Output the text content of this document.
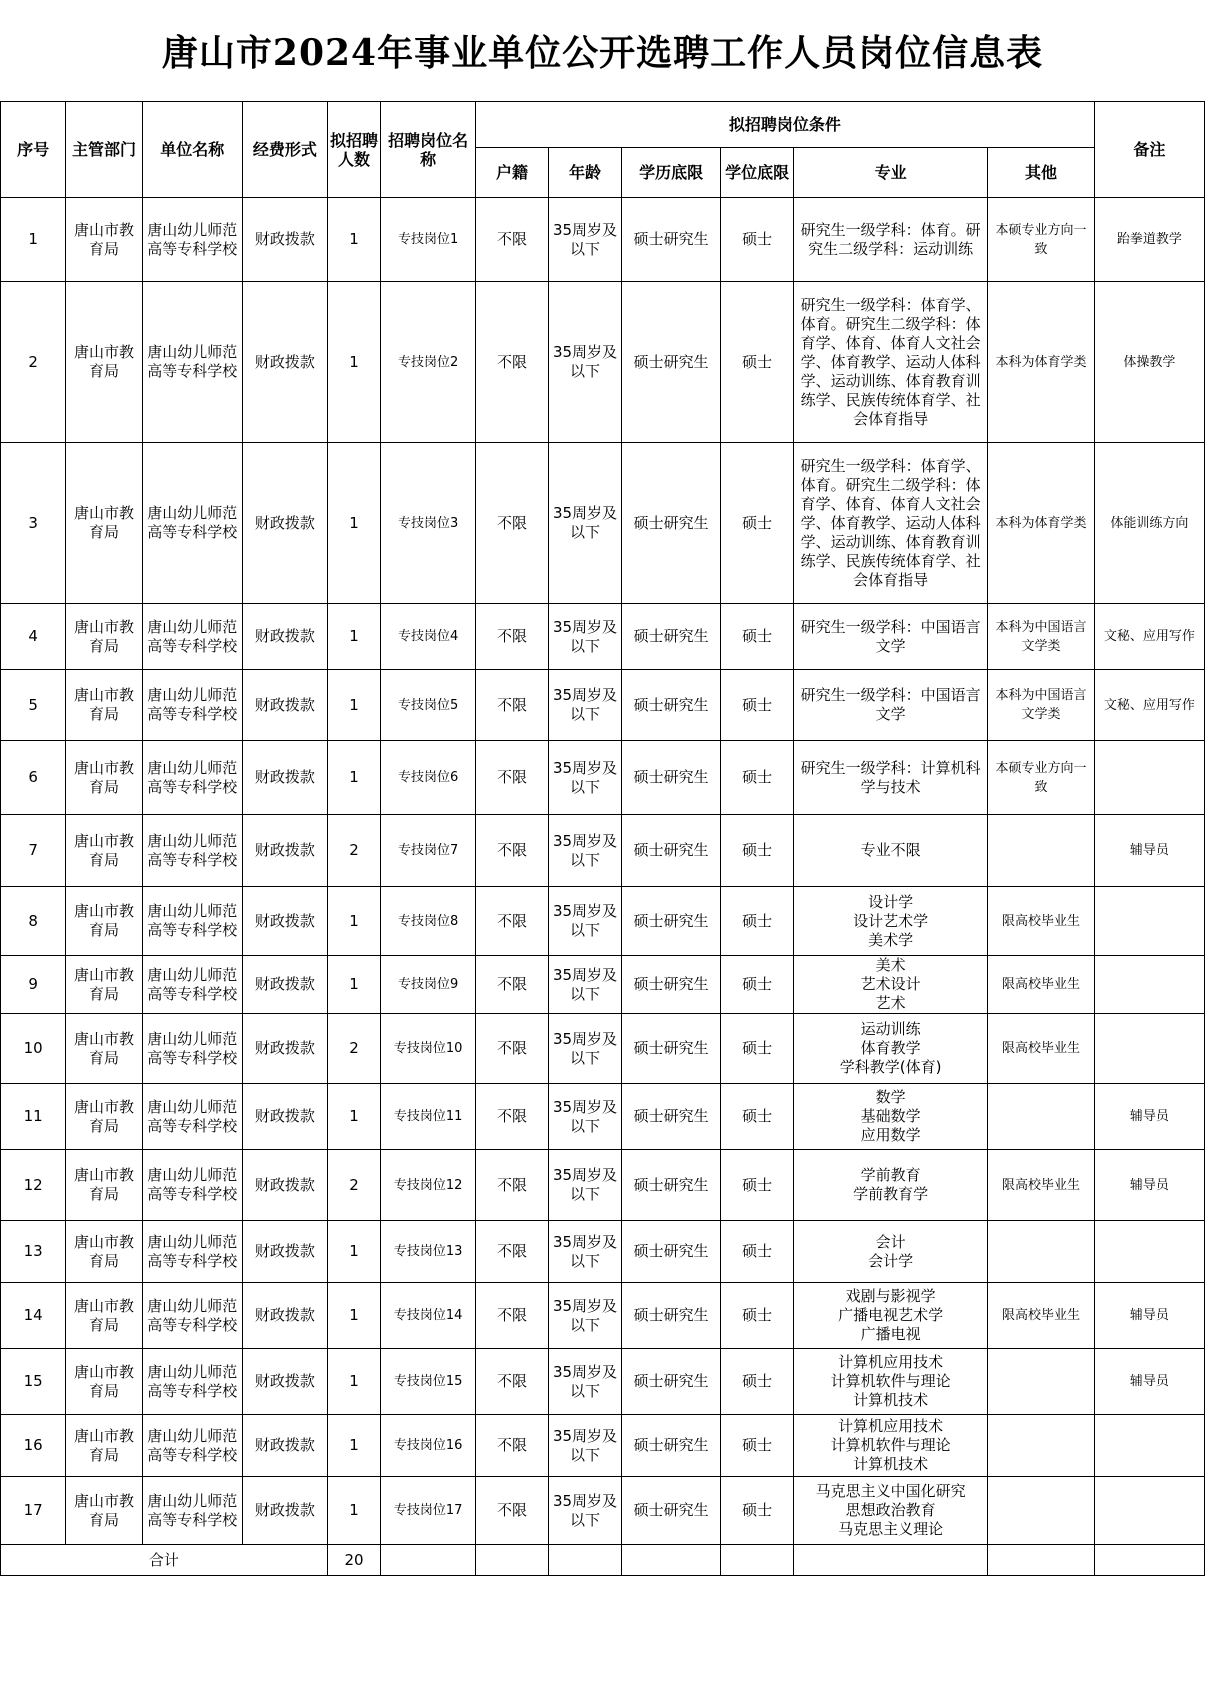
唐山市2024年事业单位公开选聘工作人员岗位信息表
序号	主管部门	单位名称	经费形式	拟招聘人数	招聘岗位名称	拟招聘岗位条件						备注
						户籍	年龄	学历底限	学位底限	专业	其他	
1	唐山市教育局	唐山幼儿师范高等专科学校	财政拨款	1	专技岗位1	不限	35周岁及以下	硕士研究生	硕士	研究生一级学科：体育。研究生二级学科：运动训练	本硕专业方向一致	跆拳道教学
2	唐山市教育局	唐山幼儿师范高等专科学校	财政拨款	1	专技岗位2	不限	35周岁及以下	硕士研究生	硕士	研究生一级学科：体育学、体育。研究生二级学科：体育学、体育、体育人文社会学、体育教学、运动人体科学、运动训练、体育教育训练学、民族传统体育学、社会体育指导	本科为体育学类	体操教学
3	唐山市教育局	唐山幼儿师范高等专科学校	财政拨款	1	专技岗位3	不限	35周岁及以下	硕士研究生	硕士	研究生一级学科：体育学、体育。研究生二级学科：体育学、体育、体育人文社会学、体育教学、运动人体科学、运动训练、体育教育训练学、民族传统体育学、社会体育指导	本科为体育学类	体能训练方向
4	唐山市教育局	唐山幼儿师范高等专科学校	财政拨款	1	专技岗位4	不限	35周岁及以下	硕士研究生	硕士	研究生一级学科：中国语言文学	本科为中国语言文学类	文秘、应用写作
5	唐山市教育局	唐山幼儿师范高等专科学校	财政拨款	1	专技岗位5	不限	35周岁及以下	硕士研究生	硕士	研究生一级学科：中国语言文学	本科为中国语言文学类	文秘、应用写作
6	唐山市教育局	唐山幼儿师范高等专科学校	财政拨款	1	专技岗位6	不限	35周岁及以下	硕士研究生	硕士	研究生一级学科：计算机科学与技术	本硕专业方向一致	
7	唐山市教育局	唐山幼儿师范高等专科学校	财政拨款	2	专技岗位7	不限	35周岁及以下	硕士研究生	硕士	专业不限		辅导员
8	唐山市教育局	唐山幼儿师范高等专科学校	财政拨款	1	专技岗位8	不限	35周岁及以下	硕士研究生	硕士	设计学
设计艺术学
美术学	限高校毕业生	
9	唐山市教育局	唐山幼儿师范高等专科学校	财政拨款	1	专技岗位9	不限	35周岁及以下	硕士研究生	硕士	美术
艺术设计
艺术	限高校毕业生	
10	唐山市教育局	唐山幼儿师范高等专科学校	财政拨款	2	专技岗位10	不限	35周岁及以下	硕士研究生	硕士	运动训练
体育教学
学科教学(体育)	限高校毕业生	
11	唐山市教育局	唐山幼儿师范高等专科学校	财政拨款	1	专技岗位11	不限	35周岁及以下	硕士研究生	硕士	数学
基础数学
应用数学		辅导员
12	唐山市教育局	唐山幼儿师范高等专科学校	财政拨款	2	专技岗位12	不限	35周岁及以下	硕士研究生	硕士	学前教育
学前教育学	限高校毕业生	辅导员
13	唐山市教育局	唐山幼儿师范高等专科学校	财政拨款	1	专技岗位13	不限	35周岁及以下	硕士研究生	硕士	会计
会计学		
14	唐山市教育局	唐山幼儿师范高等专科学校	财政拨款	1	专技岗位14	不限	35周岁及以下	硕士研究生	硕士	戏剧与影视学
广播电视艺术学
广播电视	限高校毕业生	辅导员
15	唐山市教育局	唐山幼儿师范高等专科学校	财政拨款	1	专技岗位15	不限	35周岁及以下	硕士研究生	硕士	计算机应用技术
计算机软件与理论
计算机技术		辅导员
16	唐山市教育局	唐山幼儿师范高等专科学校	财政拨款	1	专技岗位16	不限	35周岁及以下	硕士研究生	硕士	计算机应用技术
计算机软件与理论
计算机技术		
17	唐山市教育局	唐山幼儿师范高等专科学校	财政拨款	1	专技岗位17	不限	35周岁及以下	硕士研究生	硕士	马克思主义中国化研究
思想政治教育
马克思主义理论		
合计				20								
